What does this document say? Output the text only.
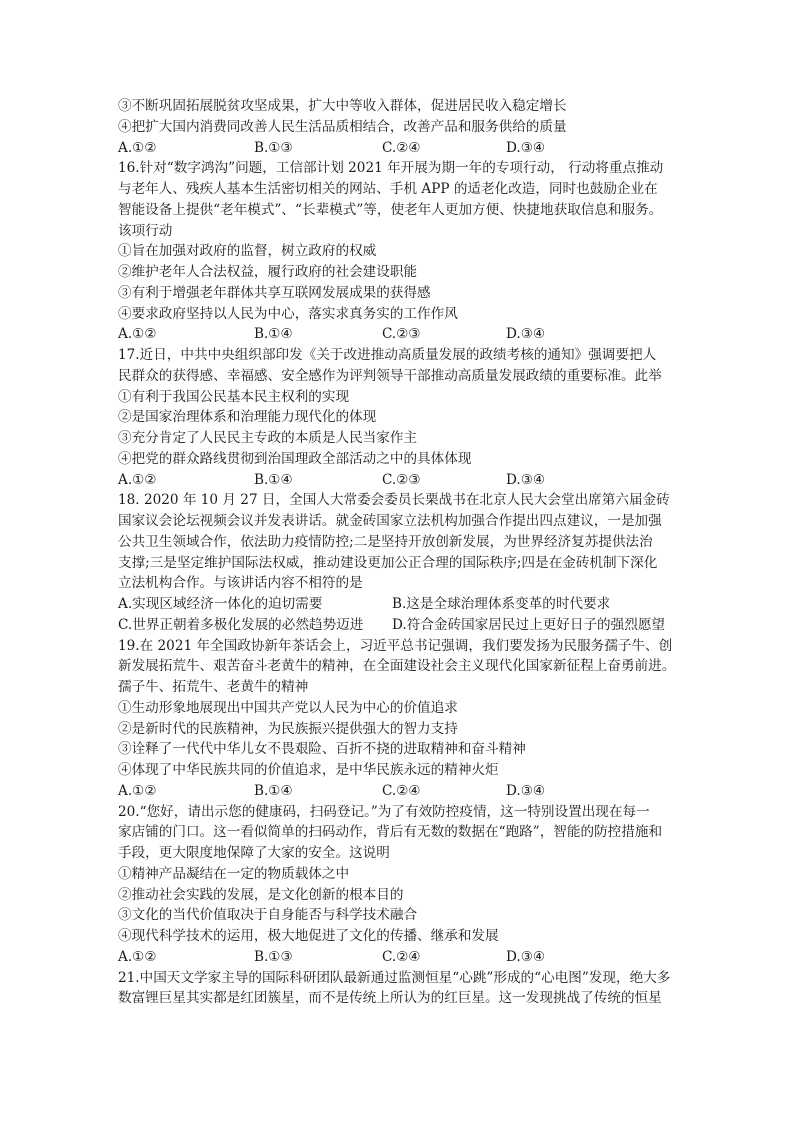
③不断巩固拓展脱贫攻坚成果，扩大中等收入群体，促进居民收入稳定增长
④把扩大国内消费同改善人民生活品质相结合，改善产品和服务供给的质量
A.①②	B.①③	C.②④	D.③④
16.针对“数字鸿沟”问题，工信部计划 2021 年开展为期一年的专项行动， 行动将重点推动
与老年人、残疾人基本生活密切相关的网站、手机 APP 的适老化改造，同时也鼓励企业在
智能设备上提供“老年模式”、“长辈模式”等，使老年人更加方便、快捷地获取信息和服务。
该项行动
①旨在加强对政府的监督，树立政府的权威
②维护老年人合法权益，履行政府的社会建设职能
③有利于增强老年群体共享互联网发展成果的获得感
④要求政府坚持以人民为中心，落实求真务实的工作作风
A.①②	B.①④	C.②③	D.③④
17.近日，中共中央组织部印发《关于改进推动高质量发展的政绩考核的通知》强调要把人
民群众的获得感、幸福感、安全感作为评判领导干部推动高质量发展政绩的重要标准。此举
①有利于我国公民基本民主权利的实现
②是国家治理体系和治理能力现代化的体现
③充分肯定了人民民主专政的本质是人民当家作主
④把党的群众路线贯彻到治国理政全部活动之中的具体体现
A.①②	B.①④	C.②③	D.③④
18. 2020 年 10 月 27 日，全国人大常委会委员长栗战书在北京人民大会堂出席第六届金砖
国家议会论坛视频会议并发表讲话。就金砖国家立法机构加强合作提出四点建议，一是加强
公共卫生领域合作，依法助力疫情防控;二是坚持开放创新发展，为世界经济复苏提供法治
支撑;三是坚定维护国际法权威，推动建设更加公正合理的国际秩序;四是在金砖机制下深化
立法机构合作。与该讲话内容不相符的是
A.实现区域经济一体化的迫切需要	B.这是全球治理体系变革的时代要求
C.世界正朝着多极化发展的必然趋势迈进	D.符合金砖国家居民过上更好日子的强烈愿望
19.在 2021 年全国政协新年茶话会上，习近平总书记强调，我们要发扬为民服务孺子牛、创
新发展拓荒牛、艰苦奋斗老黄牛的精神，在全面建设社会主义现代化国家新征程上奋勇前进。
孺子牛、拓荒牛、老黄牛的精神
①生动形象地展现出中国共产党以人民为中心的价值追求
②是新时代的民族精神，为民族振兴提供强大的智力支持
③诠释了一代代中华儿女不畏艰险、百折不挠的进取精神和奋斗精神
④体现了中华民族共同的价值追求，是中华民族永远的精神火炬
A.①②	B.①④	C.②④	D.③④
20.“您好，请出示您的健康码，扫码登记。”为了有效防控疫情，这一特别设置出现在每一
家店铺的门口。这一看似简单的扫码动作，背后有无数的数据在“跑路”，智能的防控措施和
手段，更大限度地保障了大家的安全。这说明
①精神产品凝结在一定的物质载体之中
②推动社会实践的发展，是文化创新的根本目的
③文化的当代价值取决于自身能否与科学技术融合
④现代科学技术的运用，极大地促进了文化的传播、继承和发展
A.①②	B.①③	C.②④	D.③④
21.中国天文学家主导的国际科研团队最新通过监测恒星“心跳”形成的“心电图”发现，绝大多
数富锂巨星其实都是红团簇星，而不是传统上所认为的红巨星。这一发现挑战了传统的恒星
